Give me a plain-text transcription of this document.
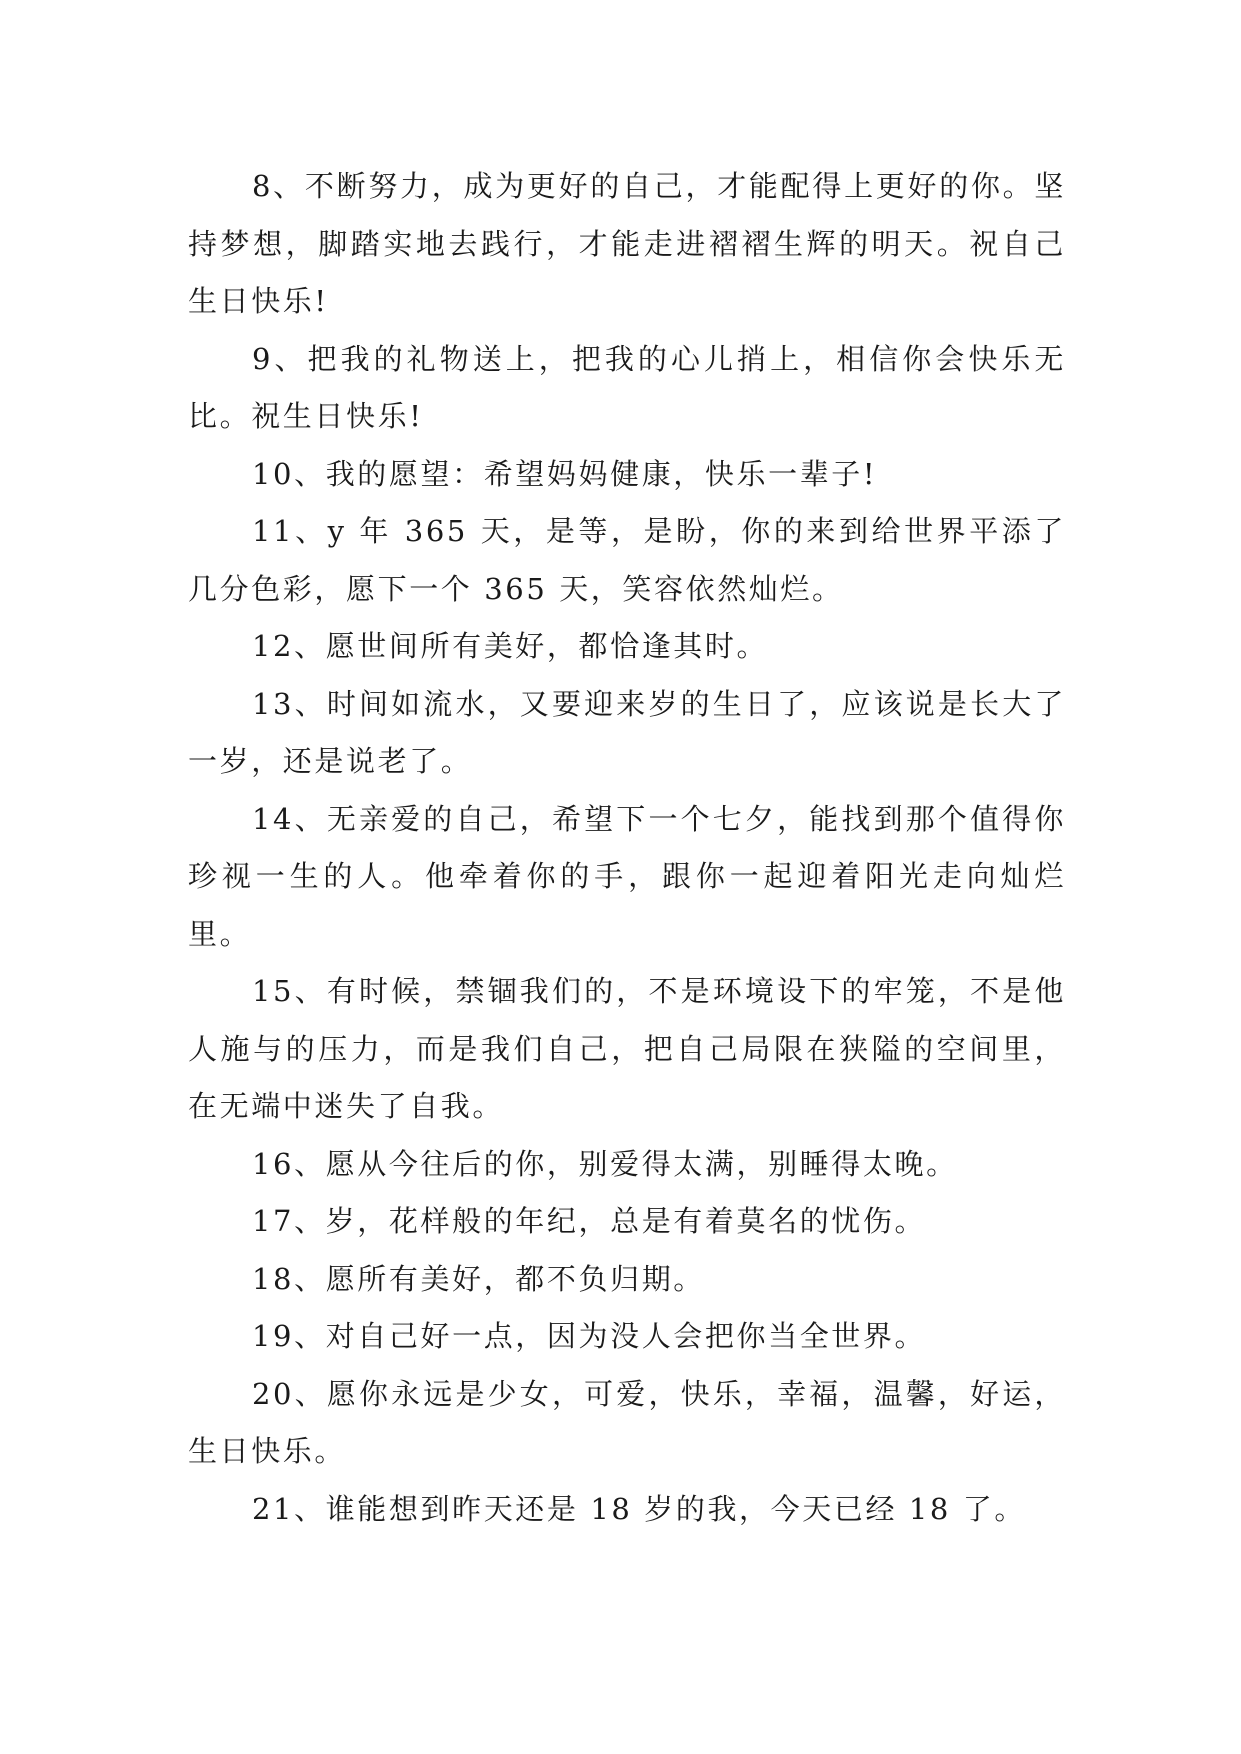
8、不断努力，成为更好的自己，才能配得上更好的你。坚持梦想，脚踏实地去践行，才能走进褶褶生辉的明天。祝自己生日快乐!

9、把我的礼物送上，把我的心儿捎上，相信你会快乐无比。祝生日快乐!

10、我的愿望：希望妈妈健康，快乐一辈子!

11、y 年 365 天，是等，是盼，你的来到给世界平添了几分色彩，愿下一个 365 天，笑容依然灿烂。

12、愿世间所有美好，都恰逢其时。

13、时间如流水，又要迎来岁的生日了，应该说是长大了一岁，还是说老了。

14、无亲爱的自己，希望下一个七夕，能找到那个值得你珍视一生的人。他牵着你的手，跟你一起迎着阳光走向灿烂里。

15、有时候，禁锢我们的，不是环境设下的牢笼，不是他人施与的压力，而是我们自己，把自己局限在狭隘的空间里，在无端中迷失了自我。

16、愿从今往后的你，别爱得太满，别睡得太晚。

17、岁，花样般的年纪，总是有着莫名的忧伤。

18、愿所有美好，都不负归期。

19、对自己好一点，因为没人会把你当全世界。

20、愿你永远是少女，可爱，快乐，幸福，温馨，好运，生日快乐。

21、谁能想到昨天还是 18 岁的我，今天已经 18 了。
